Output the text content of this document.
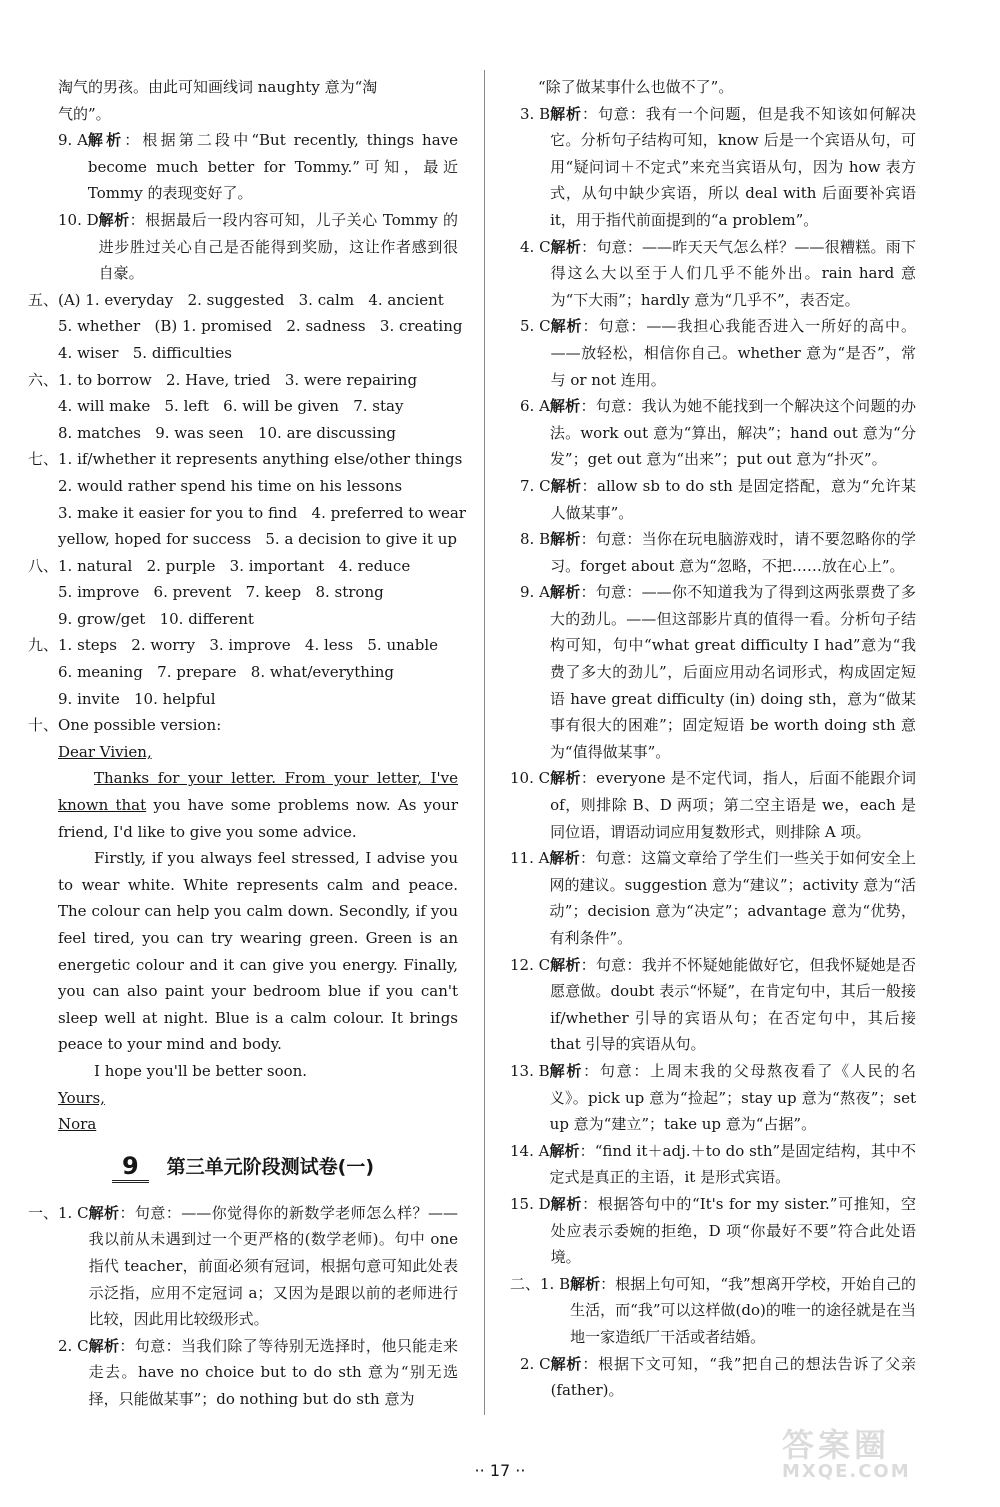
淘气的男孩。由此可知画线词 naughty 意为“淘

气的”。

9. A 解析：根据第二段中“But recently, things have become much better for Tommy.”可知，最近 Tommy 的表现变好了。
10. D 解析：根据最后一段内容可知，儿子关心 Tommy 的进步胜过关心自己是否能得到奖励，这让作者感到很自豪。
五、 (A) 1. everyday   2. suggested   3. calm   4. ancient
5. whether   (B) 1. promised   2. sadness   3. creating
4. wiser   5. difficulties
六、 1. to borrow   2. Have, tried   3. were repairing
4. will make   5. left   6. will be given   7. stay
8. matches   9. was seen   10. are discussing
七、 1. if/whether it represents anything else/other things
2. would rather spend his time on his lessons
3. make it easier for you to find   4. preferred to wear
yellow, hoped for success   5. a decision to give it up
八、 1. natural   2. purple   3. important   4. reduce
5. improve   6. prevent   7. keep   8. strong
9. grow/get   10. different
九、 1. steps   2. worry   3. improve   4. less   5. unable
6. meaning   7. prepare   8. what/everything
9. invite   10. helpful
十、 One possible version:

Dear Vivien,

Thanks for your letter. From your letter, I've known that you have some problems now. As your friend, I'd like to give you some advice.

Firstly, if you always feel stressed, I advise you to wear white. White represents calm and peace. The colour can help you calm down. Secondly, if you feel tired, you can try wearing green. Green is an energetic colour and it can give you energy. Finally, you can also paint your bedroom blue if you can't sleep well at night. Blue is a calm colour. It brings peace to your mind and body.

I hope you'll be better soon.

Yours,

Nora

9	第三单元阶段测试卷(一)
一、1. C 解析：句意：——你觉得你的新数学老师怎么样？——我以前从未遇到过一个更严格的(数学老师)。句中 one 指代 teacher，前面必须有冠词，根据句意可知此处表示泛指，应用不定冠词 a；又因为是跟以前的老师进行比较，因此用比较级形式。
2. C 解析：句意：当我们除了等待别无选择时，他只能走来走去。have no choice but to do sth 意为“别无选择，只能做某事”；do nothing but do sth 意为

“除了做某事什么也做不了”。

3. B 解析：句意：我有一个问题，但是我不知该如何解决它。分析句子结构可知，know 后是一个宾语从句，可用“疑问词＋不定式”来充当宾语从句，因为 how 表方式，从句中缺少宾语，所以 deal with 后面要补宾语 it，用于指代前面提到的“a problem”。
4. C 解析：句意：——昨天天气怎么样？——很糟糕。雨下得这么大以至于人们几乎不能外出。rain hard 意为“下大雨”；hardly 意为“几乎不”，表否定。
5. C 解析：句意：——我担心我能否进入一所好的高中。——放轻松，相信你自己。whether 意为“是否”，常与 or not 连用。
6. A 解析：句意：我认为她不能找到一个解决这个问题的办法。work out 意为“算出，解决”；hand out 意为“分发”；get out 意为“出来”；put out 意为“扑灭”。
7. C 解析：allow sb to do sth 是固定搭配，意为“允许某人做某事”。
8. B 解析：句意：当你在玩电脑游戏时，请不要忽略你的学习。forget about 意为“忽略，不把……放在心上”。
9. A 解析：句意：——你不知道我为了得到这两张票费了多大的劲儿。——但这部影片真的值得一看。分析句子结构可知，句中“what great difficulty I had”意为“我费了多大的劲儿”，后面应用动名词形式，构成固定短语 have great difficulty (in) doing sth，意为“做某事有很大的困难”；固定短语 be worth doing sth 意为“值得做某事”。
10. C 解析：everyone 是不定代词，指人，后面不能跟介词 of，则排除 B、D 两项；第二空主语是 we，each 是同位语，谓语动词应用复数形式，则排除 A 项。
11. A 解析：句意：这篇文章给了学生们一些关于如何安全上网的建议。suggestion 意为“建议”；activity 意为“活动”；decision 意为“决定”；advantage 意为“优势，有利条件”。
12. C 解析：句意：我并不怀疑她能做好它，但我怀疑她是否愿意做。doubt 表示“怀疑”，在肯定句中，其后一般接 if/whether 引导的宾语从句；在否定句中，其后接 that 引导的宾语从句。
13. B 解析：句意：上周末我的父母熬夜看了《人民的名义》。pick up 意为“捡起”；stay up 意为“熬夜”；set up 意为“建立”；take up 意为“占据”。
14. A 解析：“find it＋adj.＋to do sth”是固定结构，其中不定式是真正的主语，it 是形式宾语。
15. D 解析：根据答句中的“It's for my sister.”可推知，空处应表示委婉的拒绝，D 项“你最好不要”符合此处语境。
二、1. B 解析：根据上句可知，“我”想离开学校，开始自己的生活，而“我”可以这样做(do)的唯一的途径就是在当地一家造纸厂干活或者结婚。
2. C 解析：根据下文可知，“我”把自己的想法告诉了父亲(father)。
·· 17 ··
答案圈
MXQE.COM
